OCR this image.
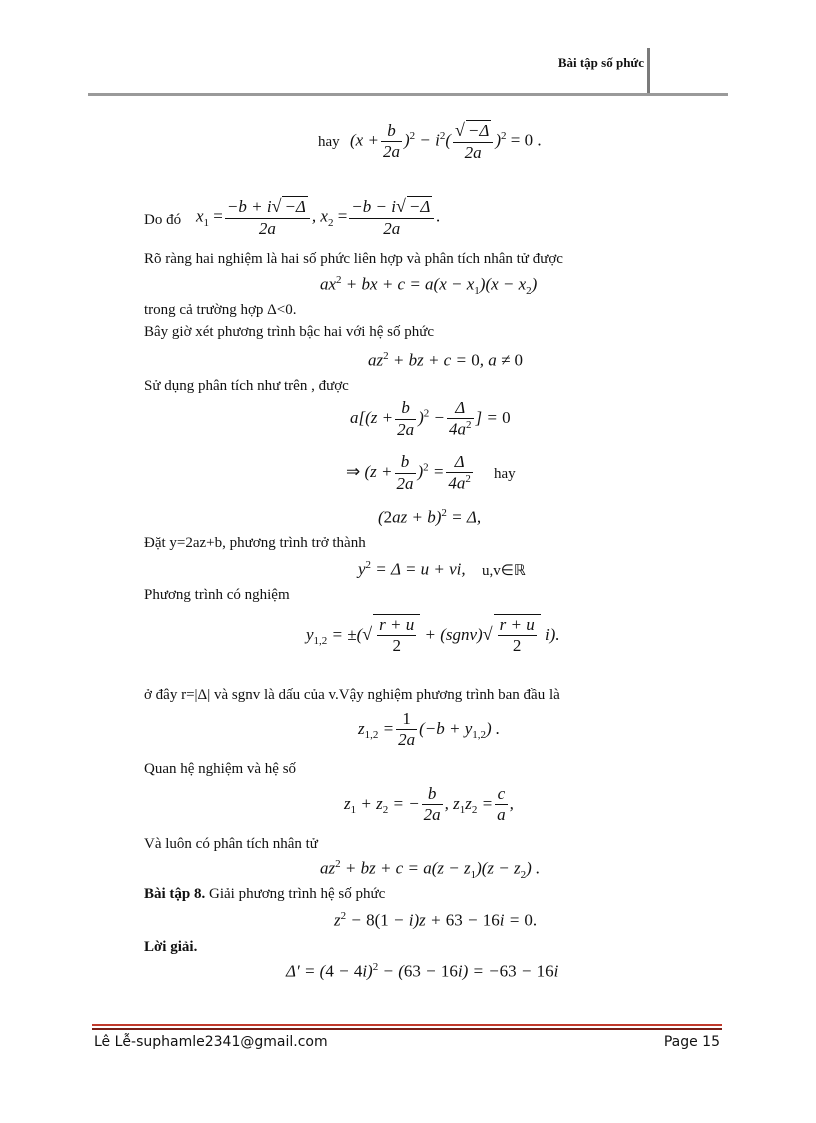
Bài tập số phức
hay $(x + \frac{b}{2a} )^2 - i^2( \frac{√ -\Delta}{2a} )^2 = 0$ .
Do đó $x_1 = \frac{-b + i√ -\Delta}{2a}$ , $x_2 = \frac{-b - i√ -\Delta}{2a}$ .
Rõ ràng hai nghiệm là hai số phức liên hợp và phân tích nhân tử được
$ax^2$ + bx + $c = a(x - x_1)(x - x_2)$
trong cả trường hợp Δ<0.
Bây giờ xét phương trình bậc hai với hệ số phức
$az^2$ + bz + c = 0, a ≠ 0
Sử dụng phân tích như trên , được
$a[(z + \frac{b}{2a} )^2 - \frac{\Delta}{4a^2}$ ] = 0
⇒ $(z + \frac{b}{2a} )^2 = \frac{\Delta}{4a^2}$ hay
$(2az + b)^2 = \Delta$,
Đặt y=2az+b, phương trình trở thành
$y^2 = \Delta = u$ + vi, u,v∈ℝ
Phương trình có nghiệm
$y_{1,2}$ = ±(√ $\frac{r + u}{2}$ + (sgnv)√ $\frac{r + u}{2} i$).
ở đây r=|Δ| và sgnv là dấu của v.Vậy nghiệm phương trình ban đầu là
$z_{1,2} = \frac{1}{2a} (-b + y_{1,2})$ .
Quan hệ nghiệm và hệ số
$z_1 + z_2$ = − $\frac{b}{2a}$ , $z_1z_2 = \frac{c}{a}$ ,
Và luôn có phân tích nhân tử
$az^2$ + bz + $c = a(z - z_1)(z - z_2)$ .
Bài tập 8. Giải phương trình hệ số phức
$z^2 - 8(1 - i)z + 63 - 16i = 0$.
Lời giải.
$\Delta' = (4 - 4i)^2 - (63 - 16i) = -63 - 16i$
Lê Lễ-suphamle2341@gmail.com	Page 15
